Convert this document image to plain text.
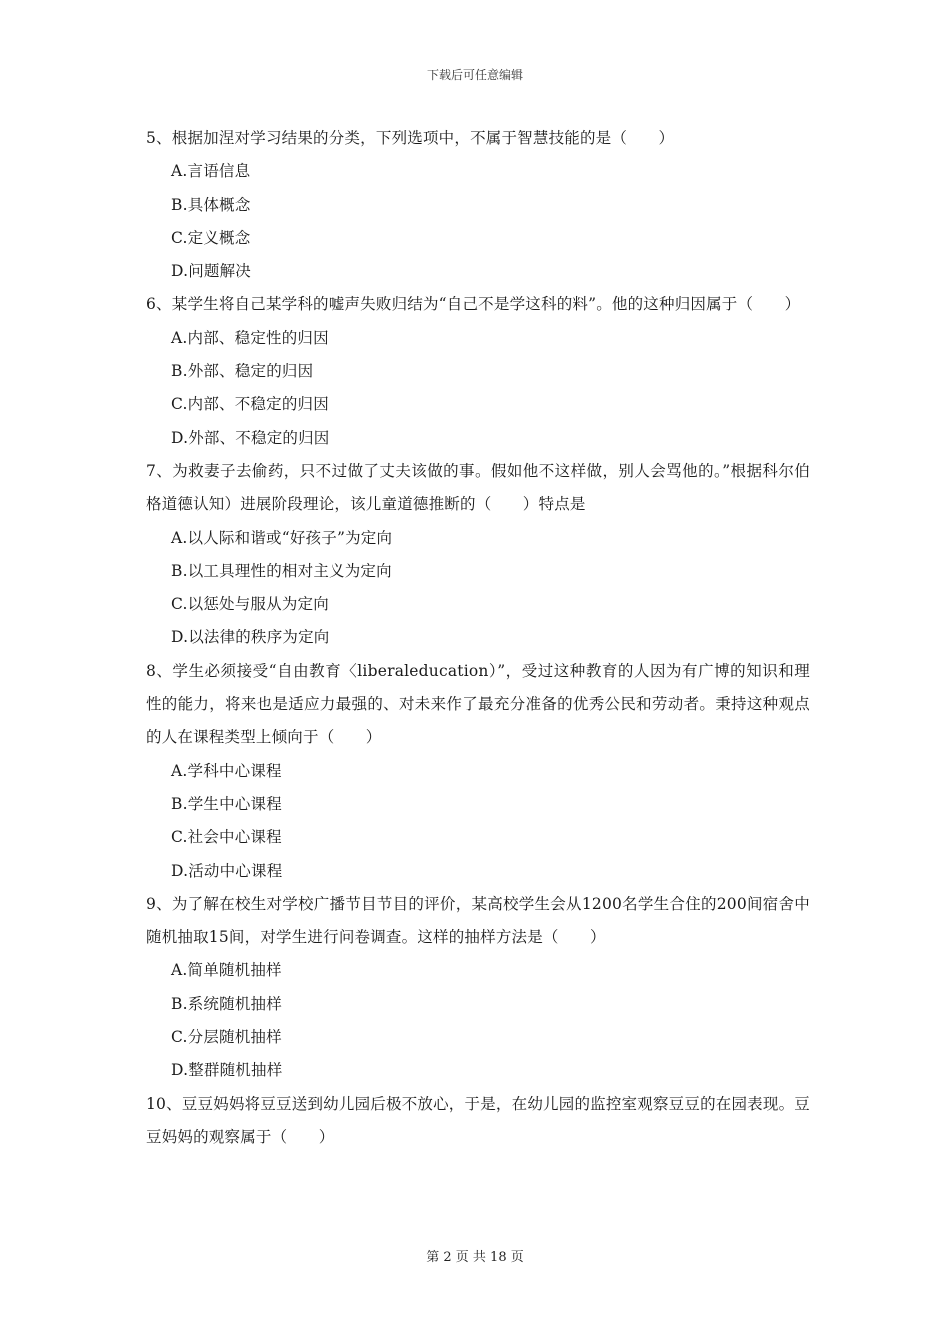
下载后可任意编辑
5、根据加涅对学习结果的分类，下列选项中，不属于智慧技能的是（　　）
A.言语信息
B.具体概念
C.定义概念
D.问题解决
6、某学生将自己某学科的嘘声失败归结为“自己不是学这科的料”。他的这种归因属于（　　）
A.内部、稳定性的归因
B.外部、稳定的归因
C.内部、不稳定的归因
D.外部、不稳定的归因
7、为救妻子去偷药，只不过做了丈夫该做的事。假如他不这样做，别人会骂他的。”根据科尔伯格道德认知）进展阶段理论，该儿童道德推断的（　　）特点是
A.以人际和谐或“好孩子”为定向
B.以工具理性的相对主义为定向
C.以惩处与服从为定向
D.以法律的秩序为定向
8、学生必须接受“自由教育〈liberaleducation）”，受过这种教育的人因为有广博的知识和理性的能力，将来也是适应力最强的、对未来作了最充分准备的优秀公民和劳动者。秉持这种观点的人在课程类型上倾向于（　　）
A.学科中心课程
B.学生中心课程
C.社会中心课程
D.活动中心课程
9、为了解在校生对学校广播节目节目的评价，某高校学生会从1200名学生合住的200间宿舍中随机抽取15间，对学生进行问卷调查。这样的抽样方法是（　　）
A.简单随机抽样
B.系统随机抽样
C.分层随机抽样
D.整群随机抽样
10、豆豆妈妈将豆豆送到幼儿园后极不放心，于是，在幼儿园的监控室观察豆豆的在园表现。豆豆妈妈的观察属于（　　）
第 2 页 共 18 页
